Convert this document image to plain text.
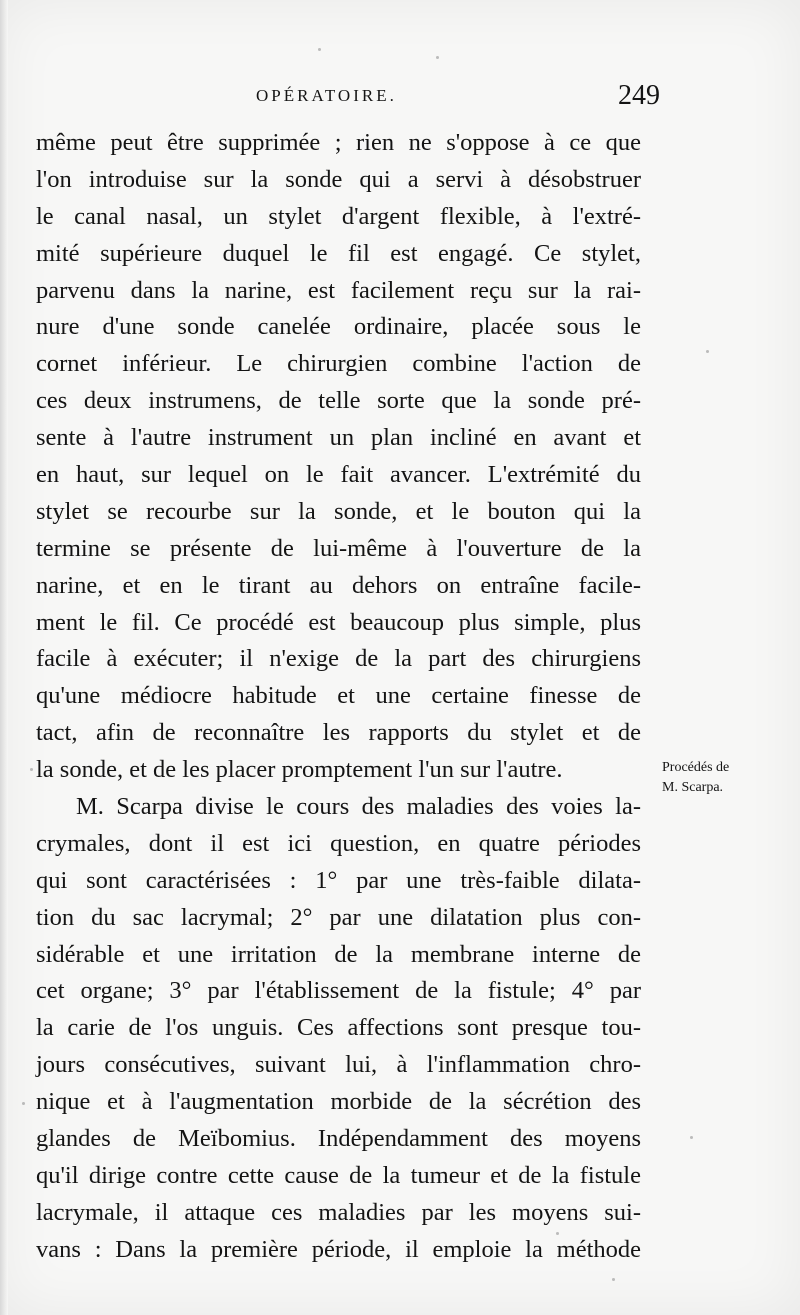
OPÉRATOIRE.	249
même peut être supprimée ; rien ne s'oppose à ce que
l'on introduise sur la sonde qui a servi à désobstruer
le canal nasal, un stylet d'argent flexible, à l'extré-
mité supérieure duquel le fil est engagé. Ce stylet,
parvenu dans la narine, est facilement reçu sur la rai-
nure d'une sonde canelée ordinaire, placée sous le
cornet inférieur. Le chirurgien combine l'action de
ces deux instrumens, de telle sorte que la sonde pré-
sente à l'autre instrument un plan incliné en avant et
en haut, sur lequel on le fait avancer. L'extrémité du
stylet se recourbe sur la sonde, et le bouton qui la
termine se présente de lui-même à l'ouverture de la
narine, et en le tirant au dehors on entraîne facile-
ment le fil. Ce procédé est beaucoup plus simple, plus
facile à exécuter; il n'exige de la part des chirurgiens
qu'une médiocre habitude et une certaine finesse de
tact, afin de reconnaître les rapports du stylet et de
la sonde, et de les placer promptement l'un sur l'autre.
M. Scarpa divise le cours des maladies des voies la-
crymales, dont il est ici question, en quatre périodes
qui sont caractérisées : 1° par une très-faible dilata-
tion du sac lacrymal; 2° par une dilatation plus con-
sidérable et une irritation de la membrane interne de
cet organe; 3° par l'établissement de la fistule; 4° par
la carie de l'os unguis. Ces affections sont presque tou-
jours consécutives, suivant lui, à l'inflammation chro-
nique et à l'augmentation morbide de la sécrétion des
glandes de Meïbomius. Indépendamment des moyens
qu'il dirige contre cette cause de la tumeur et de la fistule
lacrymale, il attaque ces maladies par les moyens sui-
vans : Dans la première période, il emploie la méthode
Procédés de
M. Scarpa.
